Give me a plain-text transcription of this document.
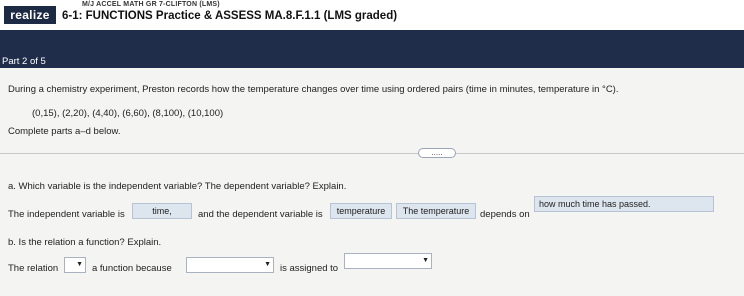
realize
M/J ACCEL MATH GR 7-CLIFTON (LMS)
6-1: FUNCTIONS Practice & ASSESS MA.8.F.1.1 (LMS graded)
Part 2 of 5
During a chemistry experiment, Preston records how the temperature changes over time using ordered pairs (time in minutes, temperature in °C).
(0,15), (2,20), (4,40), (6,60), (8,100), (10,100)
Complete parts a–d below.
.....
a. Which variable is the independent variable? The dependent variable? Explain.
The independent variable is	time,	and the dependent variable is	temperature	The temperature	depends on
how much time has passed.
b. Is the relation a function? Explain.
The relation	▼ a function because	▼ is assigned to
▼
